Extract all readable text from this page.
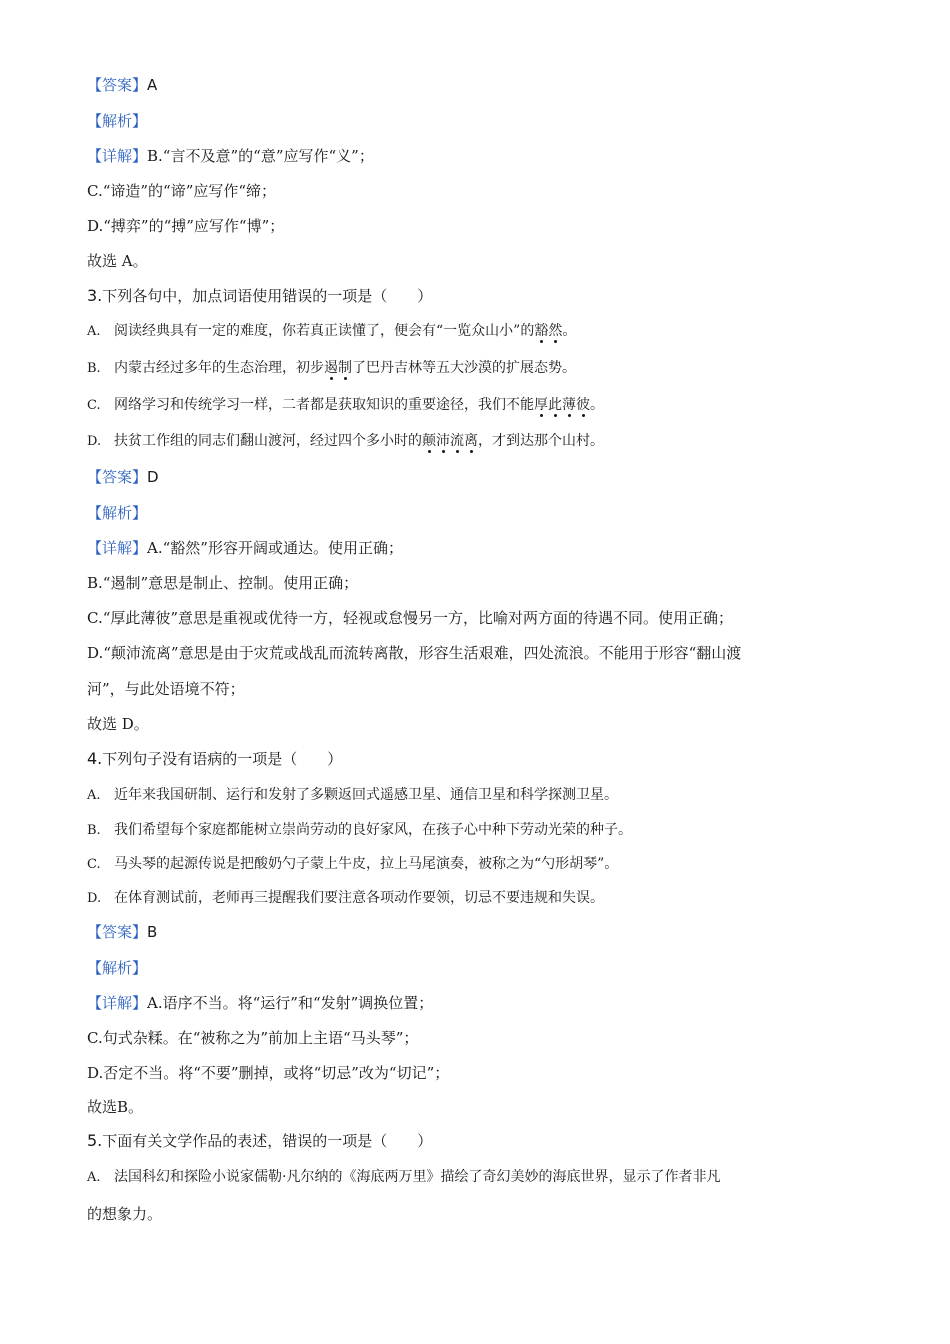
【答案】A
【解析】
【详解】B.“言不及意”的“意”应写作“义”；
C.“谛造”的“谛”应写作“缔；
D.“搏弈”的“搏”应写作“博”；
故选 A。
3.下列各句中，加点词语使用错误的一项是（　　）
A. 阅读经典具有一定的难度，你若真正读懂了，便会有“一览众山小”的豁然。
B. 内蒙古经过多年的生态治理，初步遏制了巴丹吉林等五大沙漠的扩展态势。
C. 网络学习和传统学习一样，二者都是获取知识的重要途径，我们不能厚此薄彼。
D. 扶贫工作组的同志们翻山渡河，经过四个多小时的颠沛流离，才到达那个山村。
【答案】D
【解析】
【详解】A.“豁然”形容开阔或通达。使用正确；
B.“遏制”意思是制止、控制。使用正确；
C.“厚此薄彼”意思是重视或优待一方，轻视或怠慢另一方，比喻对两方面的待遇不同。使用正确；
D.“颠沛流离”意思是由于灾荒或战乱而流转离散，形容生活艰难，四处流浪。不能用于形容“翻山渡
河”，与此处语境不符；
故选 D。
4.下列句子没有语病的一项是（　　）
A. 近年来我国研制、运行和发射了多颗返回式遥感卫星、通信卫星和科学探测卫星。
B. 我们希望每个家庭都能树立崇尚劳动的良好家风，在孩子心中种下劳动光荣的种子。
C. 马头琴的起源传说是把酸奶勺子蒙上牛皮，拉上马尾演奏，被称之为“勺形胡琴”。
D. 在体育测试前，老师再三提醒我们要注意各项动作要领，切忌不要违规和失误。
【答案】B
【解析】
【详解】A.语序不当。将“运行”和“发射”调换位置；
C.句式杂糅。在“被称之为”前加上主语“马头琴”；
D.否定不当。将“不要”删掉，或将“切忌”改为“切记”；
故选B。
5.下面有关文学作品的表述，错误的一项是（　　）
A. 法国科幻和探险小说家儒勒·凡尔纳的《海底两万里》描绘了奇幻美妙的海底世界，显示了作者非凡
的想象力。
